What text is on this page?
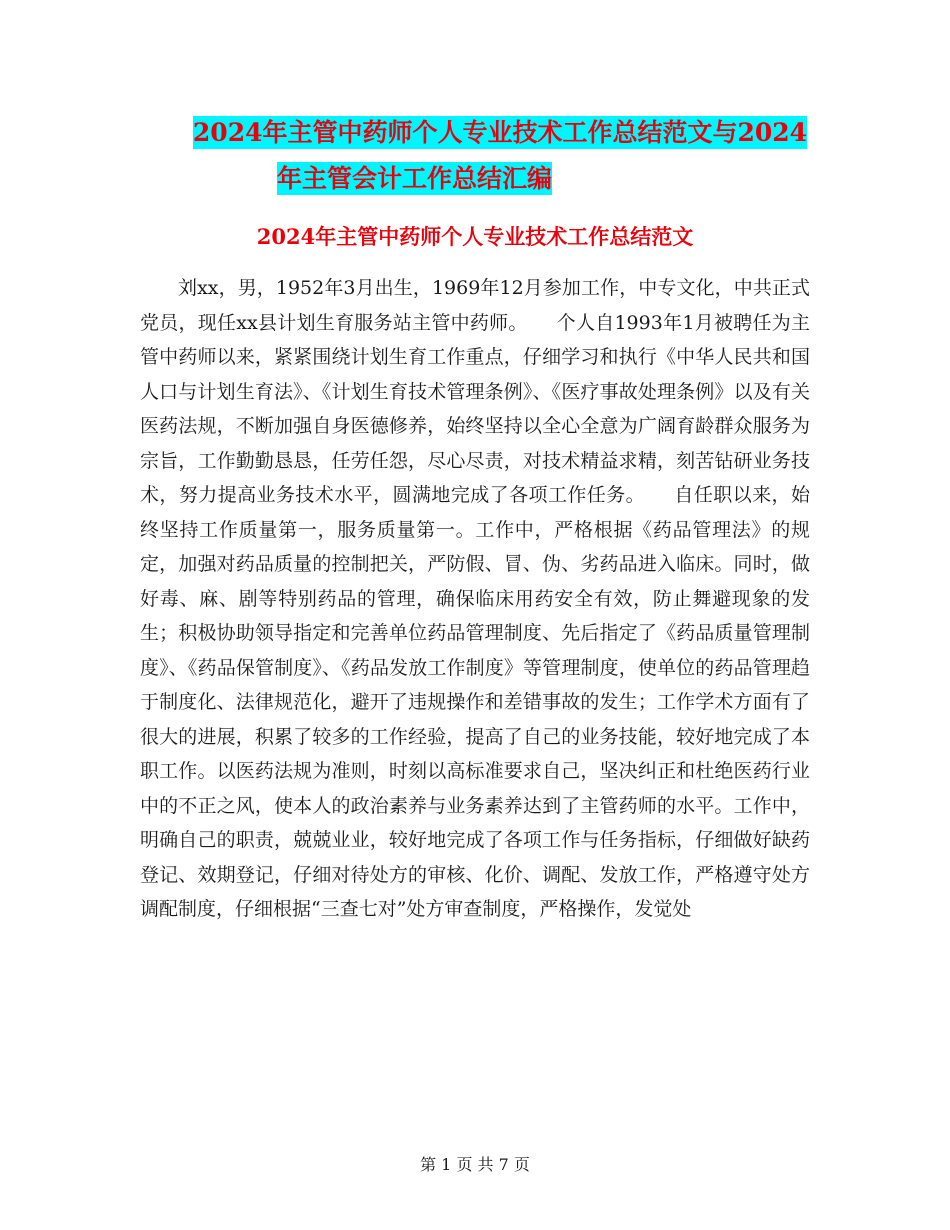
2024年主管中药师个人专业技术工作总结范文与2024
年主管会计工作总结汇编
2024年主管中药师个人专业技术工作总结范文

刘xx，男，1952年3月出生，1969年12月参加工作，中专文化，中共正式党员，现任xx县计划生育服务站主管中药师。　　个人自1993年1月被聘任为主管中药师以来，紧紧围绕计划生育工作重点，仔细学习和执行《中华人民共和国人口与计划生育法》、《计划生育技术管理条例》、《医疗事故处理条例》以及有关医药法规，不断加强自身医德修养，始终坚持以全心全意为广阔育龄群众服务为宗旨，工作勤勤恳恳，任劳任怨，尽心尽责，对技术精益求精，刻苦钻研业务技术，努力提高业务技术水平，圆满地完成了各项工作任务。　　自任职以来，始终坚持工作质量第一，服务质量第一。工作中，严格根据《药品管理法》的规定，加强对药品质量的控制把关，严防假、冒、伪、劣药品进入临床。同时，做好毒、麻、剧等特别药品的管理，确保临床用药安全有效，防止舞避现象的发生；积极协助领导指定和完善单位药品管理制度、先后指定了《药品质量管理制度》、《药品保管制度》、《药品发放工作制度》等管理制度，使单位的药品管理趋于制度化、法律规范化，避开了违规操作和差错事故的发生；工作学术方面有了很大的进展，积累了较多的工作经验，提高了自己的业务技能，较好地完成了本职工作。以医药法规为准则，时刻以高标准要求自己，坚决纠正和杜绝医药行业中的不正之风，使本人的政治素养与业务素养达到了主管药师的水平。工作中，明确自己的职责，兢兢业业，较好地完成了各项工作与任务指标，仔细做好缺药登记、效期登记，仔细对待处方的审核、化价、调配、发放工作，严格遵守处方调配制度，仔细根据“三查七对”处方审查制度，严格操作，发觉处

第 1 页 共 7 页
